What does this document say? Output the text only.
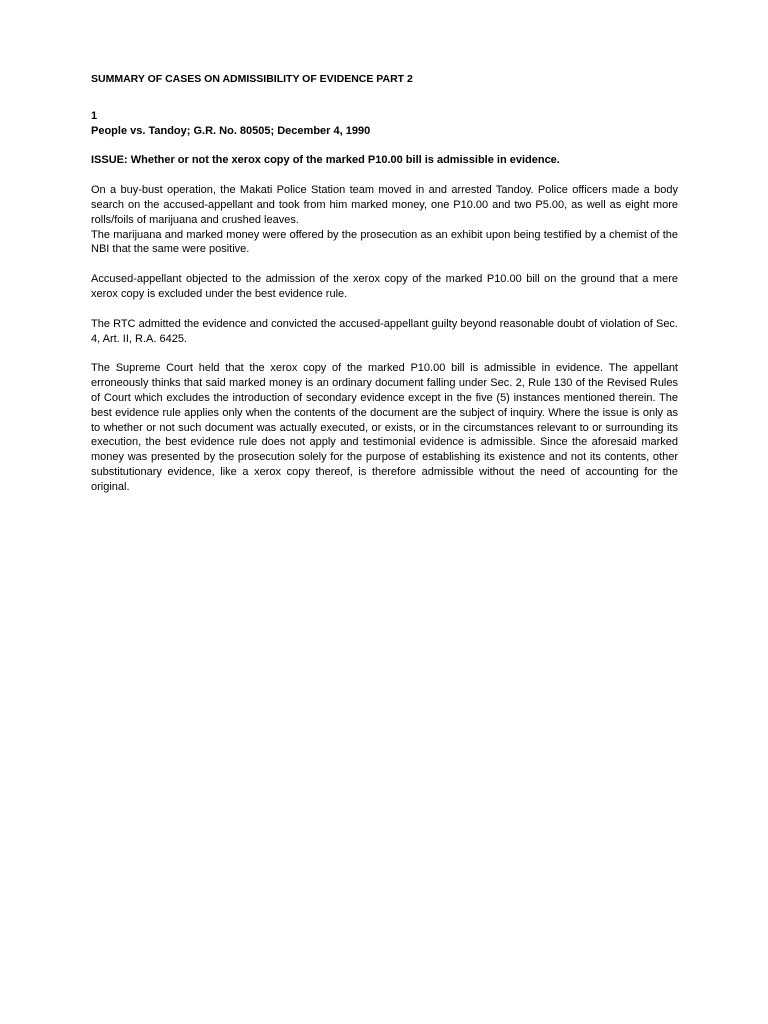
SUMMARY OF CASES ON ADMISSIBILITY OF EVIDENCE PART 2

1

People vs. Tandoy; G.R. No. 80505; December 4, 1990

ISSUE: Whether or not the xerox copy of the marked P10.00 bill is admissible in evidence.

On a buy-bust operation, the Makati Police Station team moved in and arrested Tandoy. Police officers made a body search on the accused-appellant and took from him marked money, one P10.00 and two P5.00, as well as eight more rolls/foils of marijuana and crushed leaves.

The marijuana and marked money were offered by the prosecution as an exhibit upon being testified by a chemist of the NBI that the same were positive.

Accused-appellant objected to the admission of the xerox copy of the marked P10.00 bill on the ground that a mere xerox copy is excluded under the best evidence rule.

The RTC admitted the evidence and convicted the accused-appellant guilty beyond reasonable doubt of violation of Sec. 4, Art. II, R.A. 6425.

The Supreme Court held that the xerox copy of the marked P10.00 bill is admissible in evidence. The appellant erroneously thinks that said marked money is an ordinary document falling under Sec. 2, Rule 130 of the Revised Rules of Court which excludes the introduction of secondary evidence except in the five (5) instances mentioned therein. The best evidence rule applies only when the contents of the document are the subject of inquiry. Where the issue is only as to whether or not such document was actually executed, or exists, or in the circumstances relevant to or surrounding its execution, the best evidence rule does not apply and testimonial evidence is admissible. Since the aforesaid marked money was presented by the prosecution solely for the purpose of establishing its existence and not its contents, other substitutionary evidence, like a xerox copy thereof, is therefore admissible without the need of accounting for the original.
